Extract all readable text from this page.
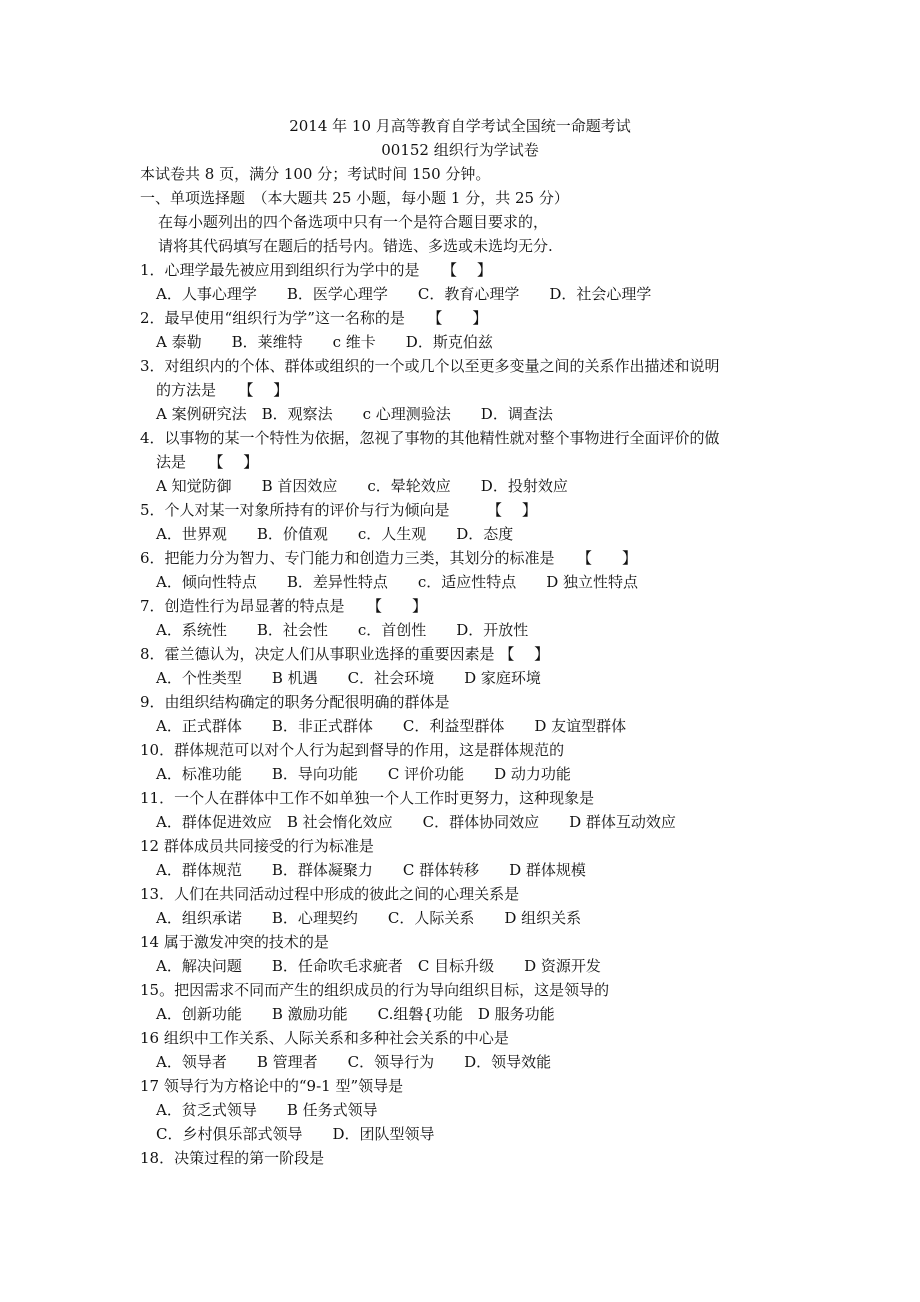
2014 年 10 月高等教育自学考试全国统一命题考试
00152 组织行为学试卷
本试卷共 8 页，满分 100 分；考试时间 150 分钟。
一、单项选择题　（本大题共 25 小题，每小题 1 分，共 25 分）
在每小题列出的四个备选项中只有一个是符合题目要求的，
请将其代码填写在题后的括号内。错选、多选或未选均无分.
1．心理学最先被应用到组织行为学中的是　　【　 】
A．人事心理学　　B．医学心理学　　C．教育心理学　　D．社会心理学
2．最早使用“组织行为学”这一名称的是　　【　　】
A 泰勒　　B．莱维特　　c 维卡　　D．斯克伯兹
3．对组织内的个体、群体或组织的一个或几个以至更多变量之间的关系作出描述和说明
的方法是　　【　 】
A 案例研究法　B．观察法　　c 心理测验法　　D．调查法
4．以事物的某一个特性为依据，忽视了事物的其他精性就对整个事物进行全面评价的做
法是　　【　 】
A 知觉防御　　B 首因效应　　c．晕轮效应　　D．投射效应
5．个人对某一对象所持有的评价与行为倾向是　　　【　 】
A．世界观　　B．价值观　　c．人生观　　D．态度
6．把能力分为智力、专门能力和创造力三类，其划分的标准是　　【　　】
A．倾向性特点　　B．差异性特点　　c．适应性特点　　D 独立性特点
7．创造性行为昂显著的特点是　　【　　】
A．系统性　　B．社会性　　c．首创性　　D．开放性
8．霍兰德认为，决定人们从事职业选择的重要因素是 【　 】
A．个性类型　　B 机遇　　C．社会环境　　D 家庭环境
9．由组织结构确定的职务分配很明确的群体是
A．正式群体　　B．非正式群体　　C．利益型群体　　D 友谊型群体
10．群体规范可以对个人行为起到督导的作用，这是群体规范的
A．标准功能　　B．导向功能　　C 评价功能　　D 动力功能
11．一个人在群体中工作不如单独一个人工作时更努力，这种现象是
A．群体促进效应　B 社会惰化效应　　C．群体协同效应　　D 群体互动效应
12 群体成员共同接受的行为标准是
A．群体规范　　B．群体凝聚力　　C 群体转移　　D 群体规模
13．人们在共同活动过程中形成的彼此之间的心理关系是
A．组织承诺　　B．心理契约　　C．人际关系　　D 组织关系
14 属于激发冲突的技术的是
A．解决问题　　B．任命吹毛求疵者　C 目标升级　　D 资源开发
15。把因需求不同而产生的组织成员的行为导向组织目标，这是领导的
A．创新功能　　B 激励功能　　C.组磐{功能　D 服务功能
16 组织中工作关系、人际关系和多种社会关系的中心是
A．领导者　　B 管理者　　C．领导行为　　D．领导效能
17 领导行为方格论中的“9-1 型”领导是
A．贫乏式领导　　B 任务式领导
C．乡村俱乐部式领导　　D．团队型领导
18．决策过程的第一阶段是
